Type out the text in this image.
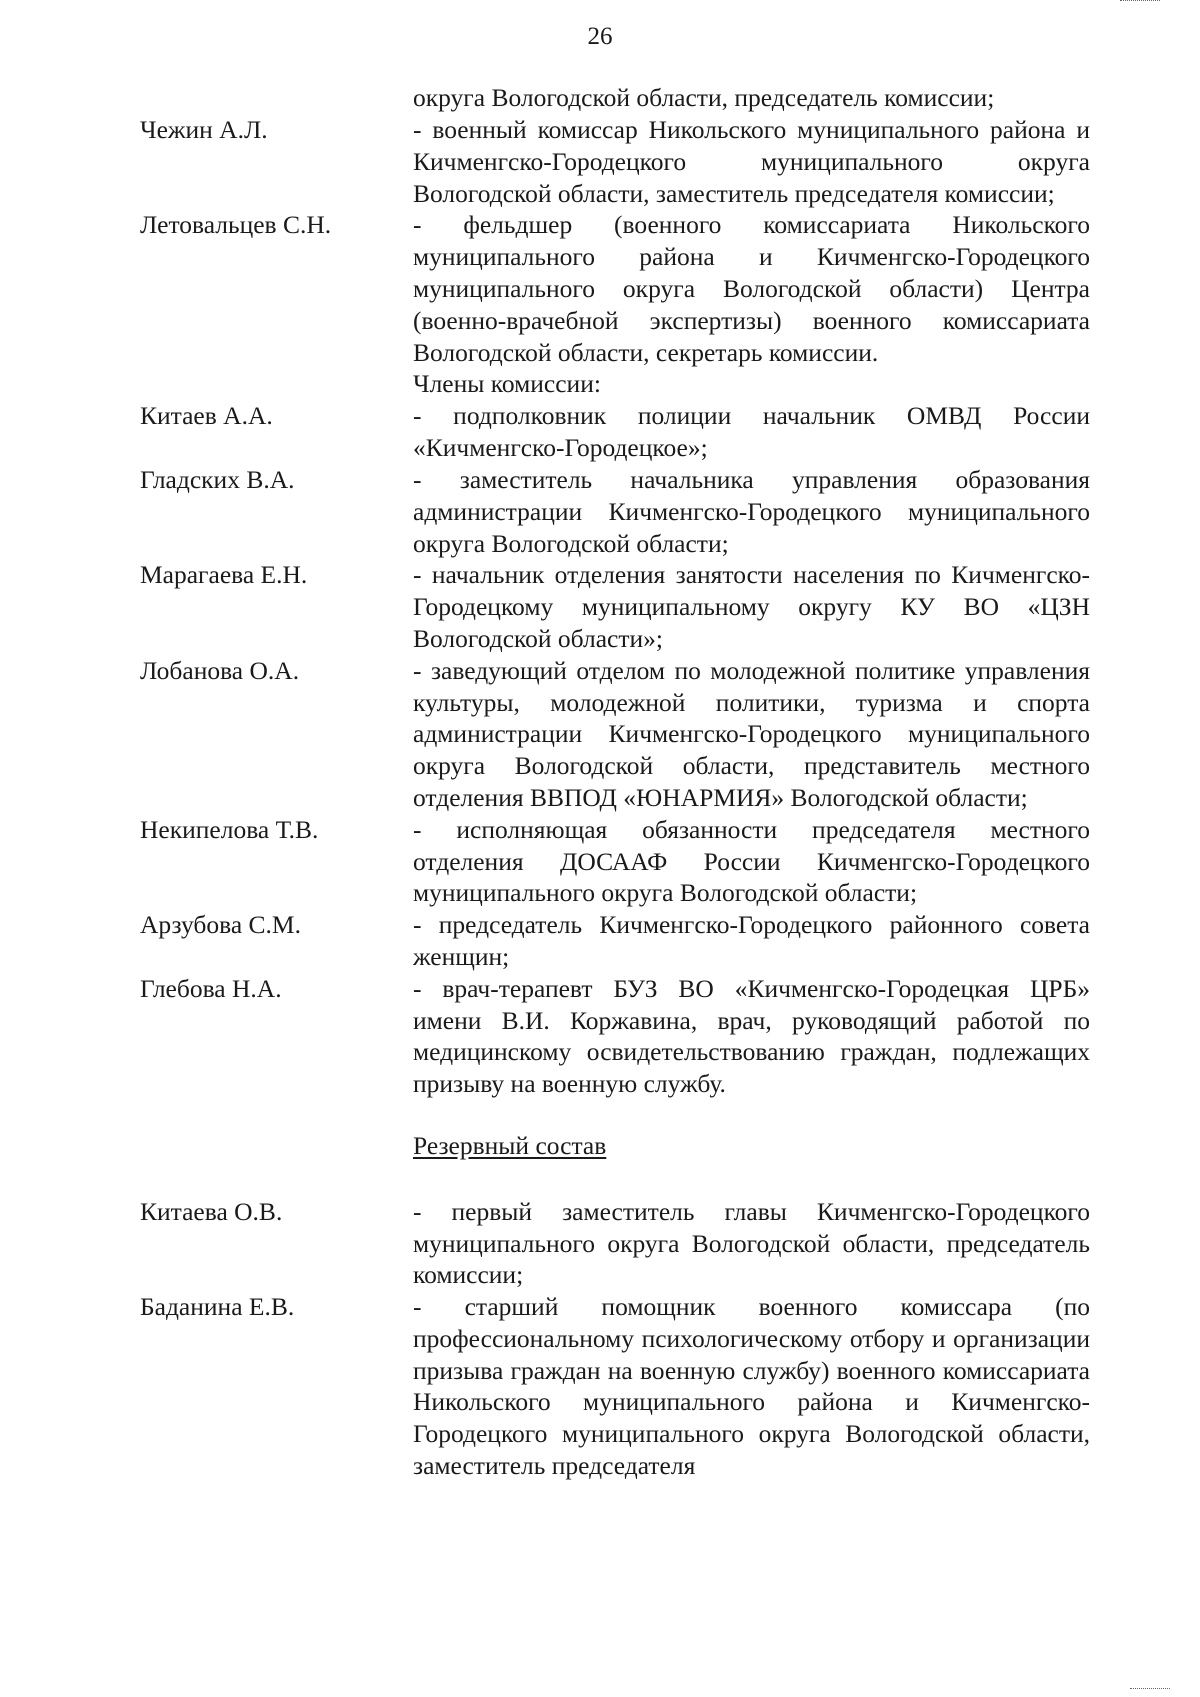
26
округа Вологодской области, председатель комиссии;
Чежин А.Л.	- военный комиссар Никольского муниципального района и Кичменгско-Городецкого муниципального округа Вологодской области, заместитель председателя комиссии;
Летовальцев С.Н.	- фельдшер (военного комиссариата Никольского муниципального района и Кичменгско-Городецкого муниципального округа Вологодской области) Центра (военно-врачебной экспертизы) военного комиссариата Вологодской области, секретарь комиссии.
Члены комиссии:
Китаев А.А.	- подполковник полиции начальник ОМВД России «Кичменгско-Городецкое»;
Гладских В.А.	- заместитель начальника управления образования администрации Кичменгско-Городецкого муниципального округа Вологодской области;
Марагаева Е.Н.	- начальник отделения занятости населения по Кичменгско-Городецкому муниципальному округу КУ ВО «ЦЗН Вологодской области»;
Лобанова О.А.	- заведующий отделом по молодежной политике управления культуры, молодежной политики, туризма и спорта администрации Кичменгско-Городецкого муниципального округа Вологодской области, представитель местного отделения ВВПОД «ЮНАРМИЯ» Вологодской области;
Некипелова Т.В.	- исполняющая обязанности председателя местного отделения ДОСААФ России Кичменгско-Городецкого муниципального округа Вологодской области;
Арзубова С.М.	- председатель Кичменгско-Городецкого районного совета женщин;
Глебова Н.А.	- врач-терапевт БУЗ ВО «Кичменгско-Городецкая ЦРБ» имени В.И. Коржавина, врач, руководящий работой по медицинскому освидетельствованию граждан, подлежащих призыву на военную службу.
Резервный состав
Китаева О.В.	- первый заместитель главы Кичменгско-Городецкого муниципального округа Вологодской области, председатель комиссии;
Баданина Е.В.	- старший помощник военного комиссара (по профессиональному психологическому отбору и организации призыва граждан на военную службу) военного комиссариата Никольского муниципального района и Кичменгско-Городецкого муниципального округа Вологодской области, заместитель председателя
